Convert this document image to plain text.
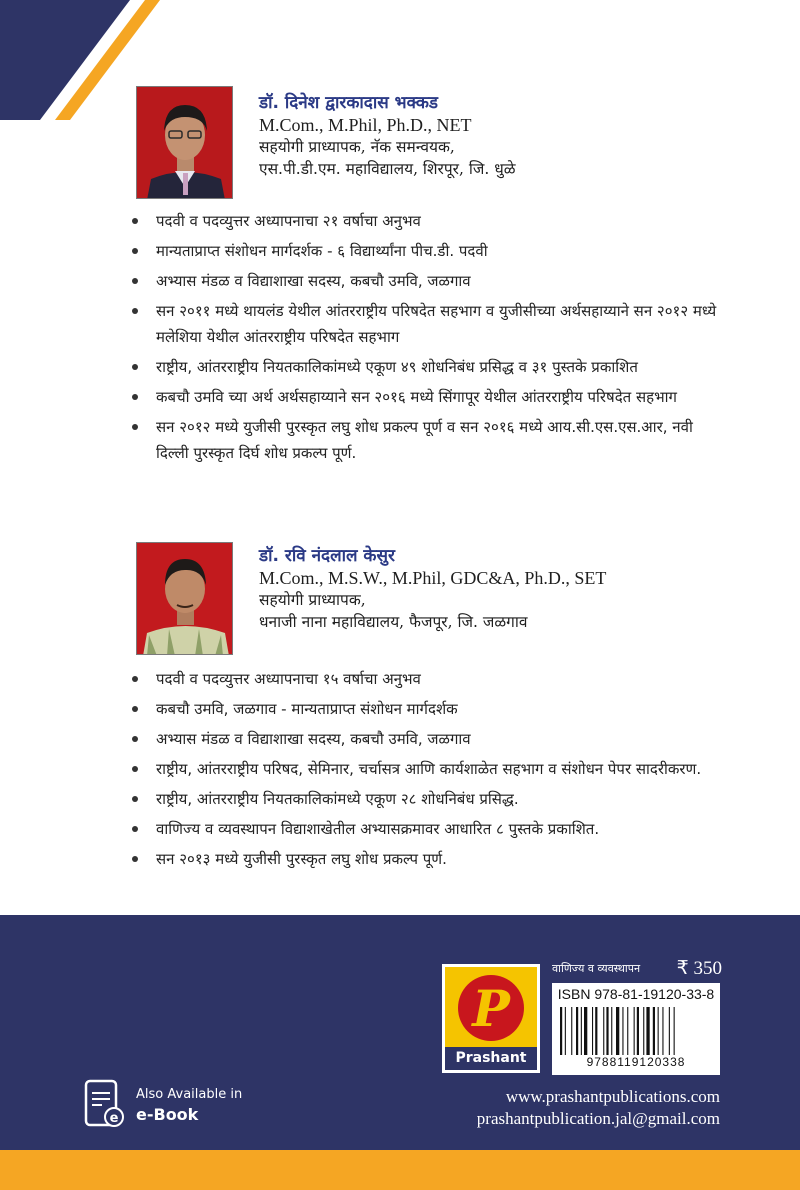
डॉ. दिनेश द्वारकादास भक्कड
M.Com., M.Phil, Ph.D., NET
सहयोगी प्राध्यापक, नॅक समन्वयक,
एस.पी.डी.एम. महाविद्यालय, शिरपूर, जि. धुळे
पदवी व पदव्युत्तर अध्यापनाचा २१ वर्षाचा अनुभव
मान्यताप्राप्त संशोधन मार्गदर्शक - ६ विद्यार्थ्यांना पीच.डी. पदवी
अभ्यास मंडळ व विद्याशाखा सदस्य, कबचौ उमवि, जळगाव
सन २०११ मध्ये थायलंड येथील आंतरराष्ट्रीय परिषदेत सहभाग व युजीसीच्या अर्थसहाय्याने सन २०१२ मध्ये मलेशिया येथील आंतरराष्ट्रीय परिषदेत सहभाग
राष्ट्रीय, आंतरराष्ट्रीय नियतकालिकांमध्ये एकूण ४९ शोधनिबंध प्रसिद्ध व ३१ पुस्तके प्रकाशित
कबचौ उमवि च्या अर्थ अर्थसहाय्याने सन २०१६ मध्ये सिंगापूर येथील आंतरराष्ट्रीय परिषदेत सहभाग
सन २०१२ मध्ये युजीसी पुरस्कृत लघु शोध प्रकल्प पूर्ण व सन २०१६ मध्ये आय.सी.एस.एस.आर, नवी दिल्ली पुरस्कृत दिर्घ शोध प्रकल्प पूर्ण.
डॉ. रवि नंदलाल केसुर
M.Com., M.S.W., M.Phil, GDC&A, Ph.D., SET
सहयोगी प्राध्यापक,
धनाजी नाना महाविद्यालय, फैजपूर, जि. जळगाव
पदवी व पदव्युत्तर अध्यापनाचा १५ वर्षाचा अनुभव
कबचौ उमवि, जळगाव - मान्यताप्राप्त संशोधन मार्गदर्शक
अभ्यास मंडळ व विद्याशाखा सदस्य, कबचौ उमवि, जळगाव
राष्ट्रीय, आंतरराष्ट्रीय परिषद, सेमिनार, चर्चासत्र आणि कार्यशाळेत सहभाग व संशोधन पेपर सादरीकरण.
राष्ट्रीय, आंतरराष्ट्रीय नियतकालिकांमध्ये एकूण २८ शोधनिबंध प्रसिद्ध.
वाणिज्य व व्यवस्थापन विद्याशाखेतील अभ्यासक्रमावर आधारित ८ पुस्तके प्रकाशित.
सन २०१३ मध्ये युजीसी पुरस्कृत लघु शोध प्रकल्प पूर्ण.
P
Prashant
वाणिज्य व व्यवस्थापन ₹ 350
ISBN 978-81-19120-33-8
9788119120338
e
Also Available in
e-Book
www.prashantpublications.com
prashantpublication.jal@gmail.com
